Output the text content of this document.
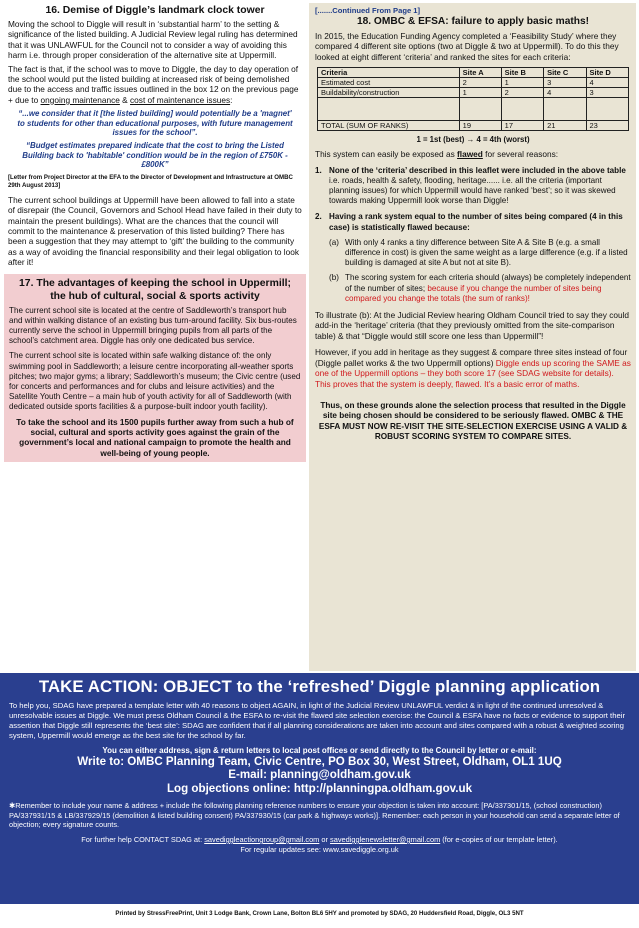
16. Demise of Diggle’s landmark clock tower

Moving the school to Diggle will result in ‘substantial harm’ to the setting & significance of the listed building. A Judicial Review legal ruling has determined that it was UNLAWFUL for the Council not to consider a way of avoiding this harm i.e. through proper consideration of the alternative site at Uppermill.

The fact is that, if the school was to move to Diggle, the day to day operation of the school would put the listed building at increased risk of being demolished due to the access and traffic issues outlined in the box 12 on the previous page + due to ongoing maintenance & cost of maintenance issues:

“...we consider that it [the listed building] would potentially be a 'magnet' to students for other than educational purposes, with future management issues for the school”.
“Budget estimates prepared indicate that the cost to bring the Listed Building back to 'habitable' condition would be in the region of £750K - £800K”
[Letter from Project Director at the EFA to the Director of Development and Infrastructure at OMBC 29th August 2013]

The current school buildings at Uppermill have been allowed to fall into a state of disrepair (the Council, Governors and School Head have failed in their duty to maintain the present buildings). What are the chances that the council will commit to the maintenance & preservation of this listed building? There has been a suggestion that they may attempt to ‘gift’ the building to the community as a way of avoiding the financial responsibility and their legal obligation to look after it!

17. The advantages of keeping the school in Uppermill;
the hub of cultural, social & sports activity

The current school site is located at the centre of Saddleworth’s transport hub and within walking distance of an existing bus turn-around facility. Six bus-routes currently serve the school in Uppermill bringing pupils from all parts of the school’s catchment area. Diggle has only one dedicated bus service.

The current school site is located within safe walking distance of: the only swimming pool in Saddleworth; a leisure centre incorporating all-weather sports pitches; two major gyms; a library; Saddleworth’s museum; the Civic centre (used for concerts and performances and for clubs and leisure activities) and the Satellite Youth Centre – a main hub of youth activity for all of Saddleworth (with dedicated outside sports facilities & a purpose-built indoor youth facility).

To take the school and its 1500 pupils further away from such a hub of social, cultural and sports activity goes against the grain of the government’s local and national campaign to promote the health and well-being of young people.

[.......Continued From Page 1]
18. OMBC & EFSA: failure to apply basic maths!

In 2015, the Education Funding Agency completed a ‘Feasibility Study’ where they compared 4 different site options (two at Diggle & two at Uppermill). To do this they looked at eight different ‘criteria’ and ranked the sites for each criteria:

Criteria	Site A	Site B	Site C	Site D
Estimated cost	2	1	3	4
Buildability/construction	1	2	4	3

TOTAL (SUM OF RANKS)	19	17	21	23
1 = 1st (best) → 4 = 4th (worst)

This system can easily be exposed as flawed for several reasons:

1. None of the ‘criteria’ described in this leaflet were included in the above table i.e. roads, health & safety, flooding, heritage...... i.e. all the criteria (important planning issues) for which Uppermill would have ranked ‘best’; so it was skewed towards making Uppermill look worse than Diggle!
2. Having a rank system equal to the number of sites being compared (4 in this case) is statistically flawed because:
(a) With only 4 ranks a tiny difference between Site A & Site B (e.g. a small difference in cost) is given the same weight as a large difference (e.g. if a listed building is damaged at site A but not at site B).
(b) The scoring system for each criteria should (always) be completely independent of the number of sites; because if you change the number of sites being compared you change the totals (the sum of ranks)!

To illustrate (b): At the Judicial Review hearing Oldham Council tried to say they could add-in the ‘heritage’ criteria (that they previously omitted from the site-comparison table) & that “Diggle would still score one less than Uppermill”!

However, if you add in heritage as they suggest & compare three sites instead of four (Diggle pallet works & the two Uppermill options) Diggle ends up scoring the SAME as one of the Uppermill options – they both score 17 (see SDAG website for details). This proves that the system is deeply, flawed. It’s a basic error of maths.

Thus, on these grounds alone the selection process that resulted in the Diggle site being chosen should be considered to be seriously flawed. OMBC & THE ESFA MUST NOW RE-VISIT THE SITE-SELECTION EXERCISE USING A VALID & ROBUST SCORING SYSTEM TO COMPARE SITES.

TAKE ACTION: OBJECT to the ‘refreshed’ Diggle planning application
To help you, SDAG have prepared a template letter with 40 reasons to object AGAIN, in light of the Judicial Review UNLAWFUL verdict & in light of the continued unresolved & unresolvable issues at Diggle. We must press Oldham Council & the ESFA to re-visit the flawed site selection exercise: the Council & ESFA have no facts or evidence to support their assertion that Diggle still represents the ‘best site’: SDAG are confident that if all planning considerations are taken into account and sites compared with a robust & weighted scoring system, Uppermill would emerge as the best site for the school by far.
You can either address, sign & return letters to local post offices or send directly to the Council by letter or e-mail:
Write to: OMBC Planning Team, Civic Centre, PO Box 30, West Street, Oldham, OL1 1UQ
E-mail: planning@oldham.gov.uk
Log objections online: http://planningpa.oldham.gov.uk
✱Remember to include your name & address + include the following planning reference numbers to ensure your objection is taken into account: [PA/337301/15, (school construction) PA/337931/15 & LB/337929/15 (demolition & listed building consent) PA/337930/15 (car park & highways works)]. Remember: each person in your household can send a separate letter of objection; every signature counts.
For further help CONTACT SDAG at: savediggleactiongroup@gmail.com or savedigglenewsletter@gmail.com (for e-copies of our template letter).
For regular updates see: www.savediggle.org.uk
Printed by StressFreePrint, Unit 3 Lodge Bank, Crown Lane, Bolton BL6 5HY and promoted by SDAG, 20 Huddersfield Road, Diggle, OL3 5NT
